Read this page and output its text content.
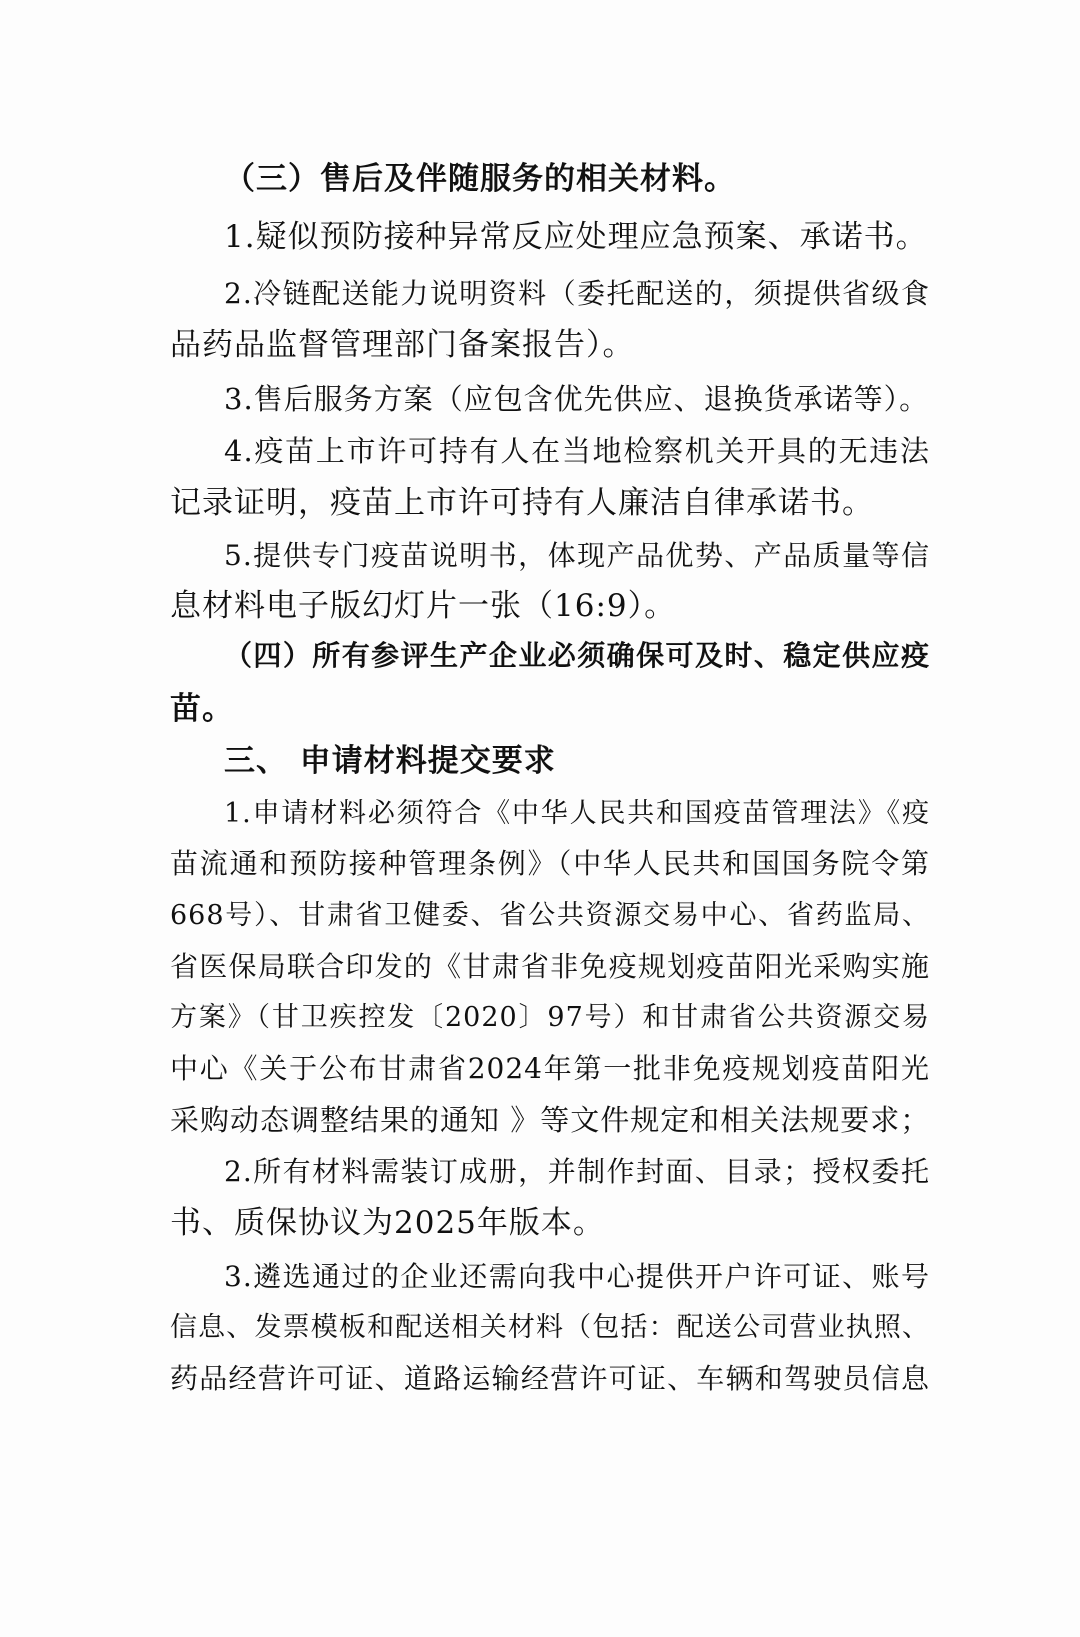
（三）售后及伴随服务的相关材料。
1.疑似预防接种异常反应处理应急预案、承诺书。
2.冷链配送能力说明资料（委托配送的，须提供省级食
品药品监督管理部门备案报告）。
3.售后服务方案（应包含优先供应、退换货承诺等）。
4.疫苗上市许可持有人在当地检察机关开具的无违法
记录证明，疫苗上市许可持有人廉洁自律承诺书。
5.提供专门疫苗说明书，体现产品优势、产品质量等信
息材料电子版幻灯片一张（16:9）。
（四）所有参评生产企业必须确保可及时、稳定供应疫
苗。
三、 申请材料提交要求
1.申请材料必须符合《中华人民共和国疫苗管理法》《疫
苗流通和预防接种管理条例》（中华人民共和国国务院令第
668号）、甘肃省卫健委、省公共资源交易中心、省药监局、
省医保局联合印发的《甘肃省非免疫规划疫苗阳光采购实施
方案》（甘卫疾控发〔2020〕97号）和甘肃省公共资源交易
中心《关于公布甘肃省2024年第一批非免疫规划疫苗阳光
采购动态调整结果的通知 》等文件规定和相关法规要求；
2.所有材料需装订成册，并制作封面、目录；授权委托
书、质保协议为2025年版本。
3.遴选通过的企业还需向我中心提供开户许可证、账号
信息、发票模板和配送相关材料（包括：配送公司营业执照、
药品经营许可证、道路运输经营许可证、车辆和驾驶员信息
